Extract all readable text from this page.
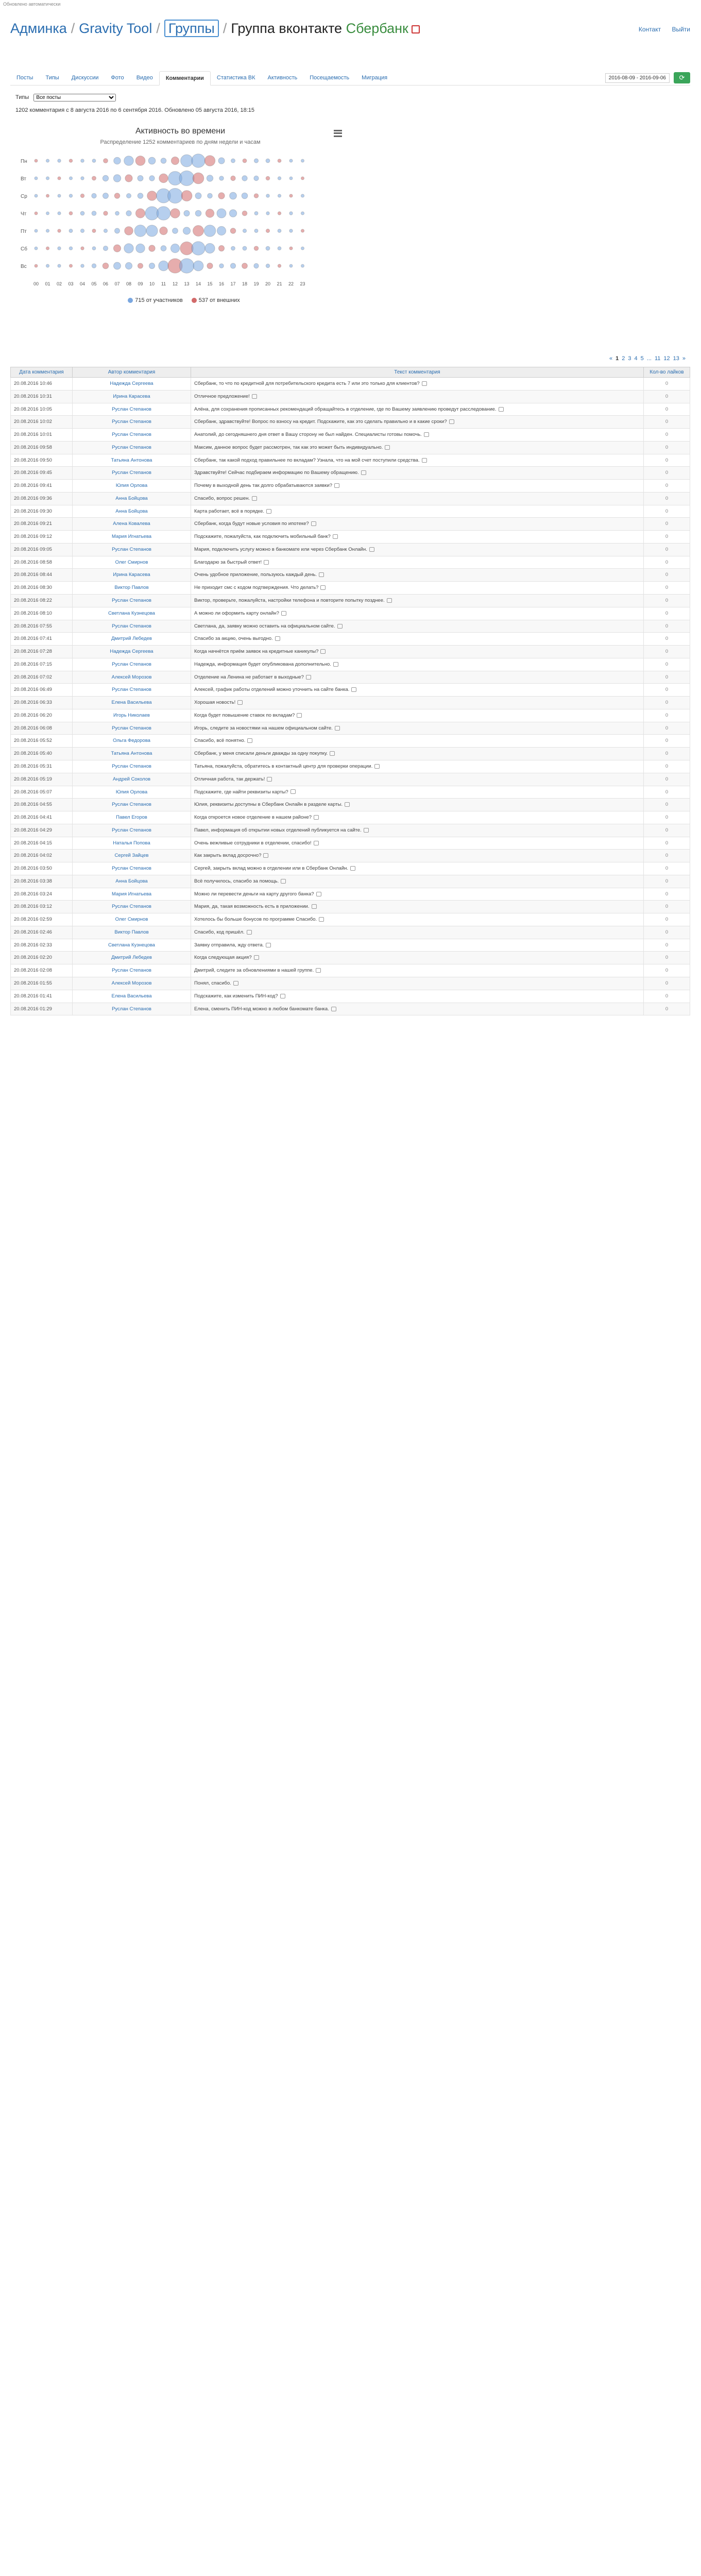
Обновлено автоматически
Админка / Gravity Tool / Группы / Группа вконтакте Сбербанк	Контакт Выйти
Посты	Типы	Дискуссии	Фото	Видео	Комментарии	Статистика ВК	Активность	Посещаемость	Миграция	2016-08-09 - 2016-09-06	⟳
Типы
Все посты
1202 комментария с 8 августа 2016 по 6 сентября 2016. Обновлено 05 августа 2016, 18:15
Активность во времени
Распределение 1252 комментариев по дням недели и часам
Пн
Вт
Ср
Чт
Пт
Сб
Вс
00 01 02 03 04 05 06 07 08 09 10 11 12 13 14 15 16 17 18 19 20 21 22 23
715 от участников	537 от внешних
« 1 2 3 4 5 ... 11 12 13 »
Дата комментария	Автор комментария	Текст комментария	Кол-во лайков
20.08.2016 10:46	Надежда Сергеева	Сбербанк, то что по кредитной для потребительского кредита есть 7 или это только для клиентов?	0
20.08.2016 10:31	Ирина Карасева	Отличное предложение!	0
20.08.2016 10:05	Руслан Степанов	Алёна, для сохранения прописанных рекомендаций обращайтесь в отделение, где по Вашему заявлению проведут расследование.	0
20.08.2016 10:02	Руслан Степанов	Сбербанк, здравствуйте! Вопрос по взносу на кредит. Подскажите, как это сделать правильно и в какие сроки?	0
20.08.2016 10:01	Руслан Степанов	Анатолий, до сегодняшнего дня ответ в Вашу сторону не был найден. Специалисты готовы помочь.	0
20.08.2016 09:58	Руслан Степанов	Максим, данное вопрос будет рассмотрен, так как это может быть индивидуально.	0
20.08.2016 09:50	Татьяна Антонова	Сбербанк, так какой подход правильнее по вкладам? Узнала, что на мой счет поступили средства.	0
20.08.2016 09:45	Руслан Степанов	Здравствуйте! Сейчас подбираем информацию по Вашему обращению.	0
20.08.2016 09:41	Юлия Орлова	Почему в выходной день так долго обрабатываются заявки?	0
20.08.2016 09:36	Анна Бойцова	Спасибо, вопрос решен.	0
20.08.2016 09:30	Анна Бойцова	Карта работает, всё в порядке.	0
20.08.2016 09:21	Алена Ковалева	Сбербанк, когда будут новые условия по ипотеке?	0
20.08.2016 09:12	Мария Игнатьева	Подскажите, пожалуйста, как подключить мобильный банк?	0
20.08.2016 09:05	Руслан Степанов	Мария, подключить услугу можно в банкомате или через Сбербанк Онлайн.	0
20.08.2016 08:58	Олег Смирнов	Благодарю за быстрый ответ!	0
20.08.2016 08:44	Ирина Карасева	Очень удобное приложение, пользуюсь каждый день.	0
20.08.2016 08:30	Виктор Павлов	Не приходит смс с кодом подтверждения. Что делать?	0
20.08.2016 08:22	Руслан Степанов	Виктор, проверьте, пожалуйста, настройки телефона и повторите попытку позднее.	0
20.08.2016 08:10	Светлана Кузнецова	А можно ли оформить карту онлайн?	0
20.08.2016 07:55	Руслан Степанов	Светлана, да, заявку можно оставить на официальном сайте.	0
20.08.2016 07:41	Дмитрий Лебедев	Спасибо за акцию, очень выгодно.	0
20.08.2016 07:28	Надежда Сергеева	Когда начнётся приём заявок на кредитные каникулы?	0
20.08.2016 07:15	Руслан Степанов	Надежда, информация будет опубликована дополнительно.	0
20.08.2016 07:02	Алексей Морозов	Отделение на Ленина не работает в выходные?	0
20.08.2016 06:49	Руслан Степанов	Алексей, график работы отделений можно уточнить на сайте банка.	0
20.08.2016 06:33	Елена Васильева	Хорошая новость!	0
20.08.2016 06:20	Игорь Николаев	Когда будет повышение ставок по вкладам?	0
20.08.2016 06:08	Руслан Степанов	Игорь, следите за новостями на нашем официальном сайте.	0
20.08.2016 05:52	Ольга Федорова	Спасибо, всё понятно.	0
20.08.2016 05:40	Татьяна Антонова	Сбербанк, у меня списали деньги дважды за одну покупку.	0
20.08.2016 05:31	Руслан Степанов	Татьяна, пожалуйста, обратитесь в контактный центр для проверки операции.	0
20.08.2016 05:19	Андрей Соколов	Отличная работа, так держать!	0
20.08.2016 05:07	Юлия Орлова	Подскажите, где найти реквизиты карты?	0
20.08.2016 04:55	Руслан Степанов	Юлия, реквизиты доступны в Сбербанк Онлайн в разделе карты.	0
20.08.2016 04:41	Павел Егоров	Когда откроется новое отделение в нашем районе?	0
20.08.2016 04:29	Руслан Степанов	Павел, информация об открытии новых отделений публикуется на сайте.	0
20.08.2016 04:15	Наталья Попова	Очень вежливые сотрудники в отделении, спасибо!	0
20.08.2016 04:02	Сергей Зайцев	Как закрыть вклад досрочно?	0
20.08.2016 03:50	Руслан Степанов	Сергей, закрыть вклад можно в отделении или в Сбербанк Онлайн.	0
20.08.2016 03:38	Анна Бойцова	Всё получилось, спасибо за помощь.	0
20.08.2016 03:24	Мария Игнатьева	Можно ли перевести деньги на карту другого банка?	0
20.08.2016 03:12	Руслан Степанов	Мария, да, такая возможность есть в приложении.	0
20.08.2016 02:59	Олег Смирнов	Хотелось бы больше бонусов по программе Спасибо.	0
20.08.2016 02:46	Виктор Павлов	Спасибо, код пришёл.	0
20.08.2016 02:33	Светлана Кузнецова	Заявку отправила, жду ответа.	0
20.08.2016 02:20	Дмитрий Лебедев	Когда следующая акция?	0
20.08.2016 02:08	Руслан Степанов	Дмитрий, следите за обновлениями в нашей группе.	0
20.08.2016 01:55	Алексей Морозов	Понял, спасибо.	0
20.08.2016 01:41	Елена Васильева	Подскажите, как изменить ПИН-код?	0
20.08.2016 01:29	Руслан Степанов	Елена, сменить ПИН-код можно в любом банкомате банка.	0
